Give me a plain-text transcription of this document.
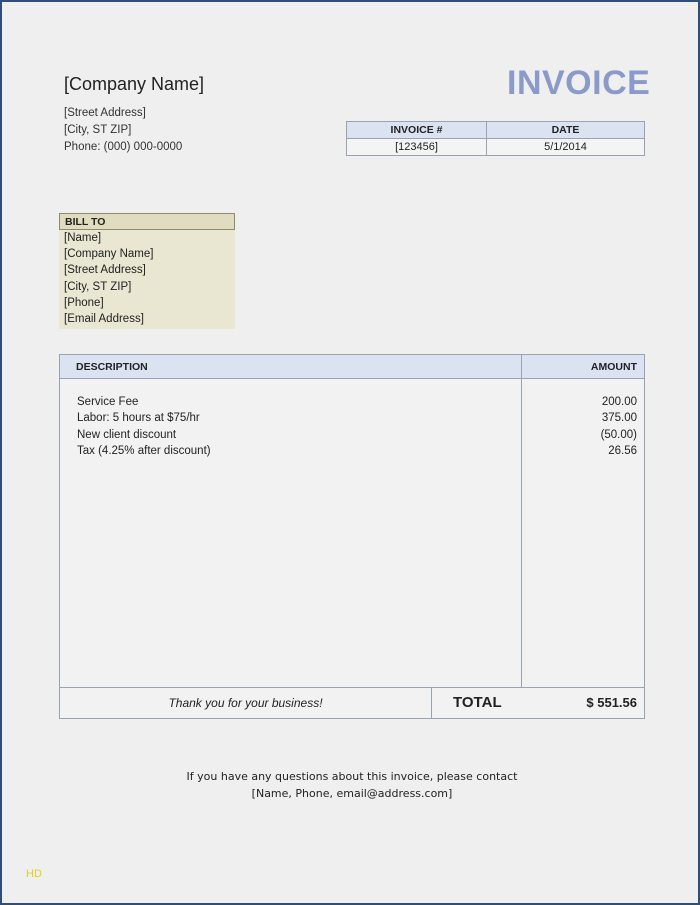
[Company Name]
[Street Address]
[City, ST ZIP]
Phone: (000) 000-0000
INVOICE
INVOICE #	DATE
[123456]	5/1/2014
BILL TO
[Name]
[Company Name]
[Street Address]
[City, ST ZIP]
[Phone]
[Email Address]
DESCRIPTION	AMOUNT
Service Fee	200.00
Labor: 5 hours at $75/hr	375.00
New client discount	(50.00)
Tax (4.25% after discount)	26.56
Thank you for your business!	TOTAL	$ 551.56
If you have any questions about this invoice, please contact
[Name, Phone, email@address.com]
HD
